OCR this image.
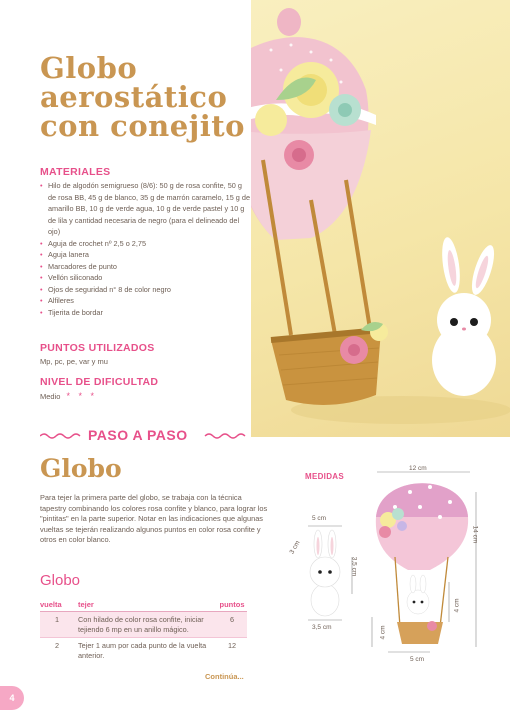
Globo
aerostático
con conejito
MATERIALES
• Hilo de algodón semigrueso (8/6): 50 g de rosa confite, 50 g de rosa BB, 45 g de blanco, 35 g de marrón caramelo, 15 g de amarillo BB, 10 g de verde agua, 10 g de verde pastel y 10 g de lila y cantidad necesaria de negro (para el delineado del ojo)
• Aguja de crochet nº 2,5 o 2,75
• Aguja lanera
• Marcadores de punto
• Vellón siliconado
• Ojos de seguridad n° 8 de color negro
• Alfileres
• Tijerita de bordar
PUNTOS UTILIZADOS
Mp, pc, pe, var y mu
NIVEL DE DIFICULTAD
Medio * * *
PASO A PASO
Globo

Para tejer la primera parte del globo, se trabaja con la técnica tapestry combinando los colores rosa confite y blanco, para lograr los "pintitas" en la parte superior. Notar en las indicaciones que algunas vueltas se tejerán realizando algunos puntos en color rosa confite y otros en color blanco.

Globo
vuelta	tejer	puntos
1	Con hilado de color rosa confite, iniciar tejiendo 6 mp en un anillo mágico.	6
2	Tejer 1 aum por cada punto de la vuelta anterior.	12
Continúa...
MEDIDAS
5 cm
3 cm
3,5 cm
3,5 cm
12 cm
14 cm
4 cm
4 cm
5 cm
4
